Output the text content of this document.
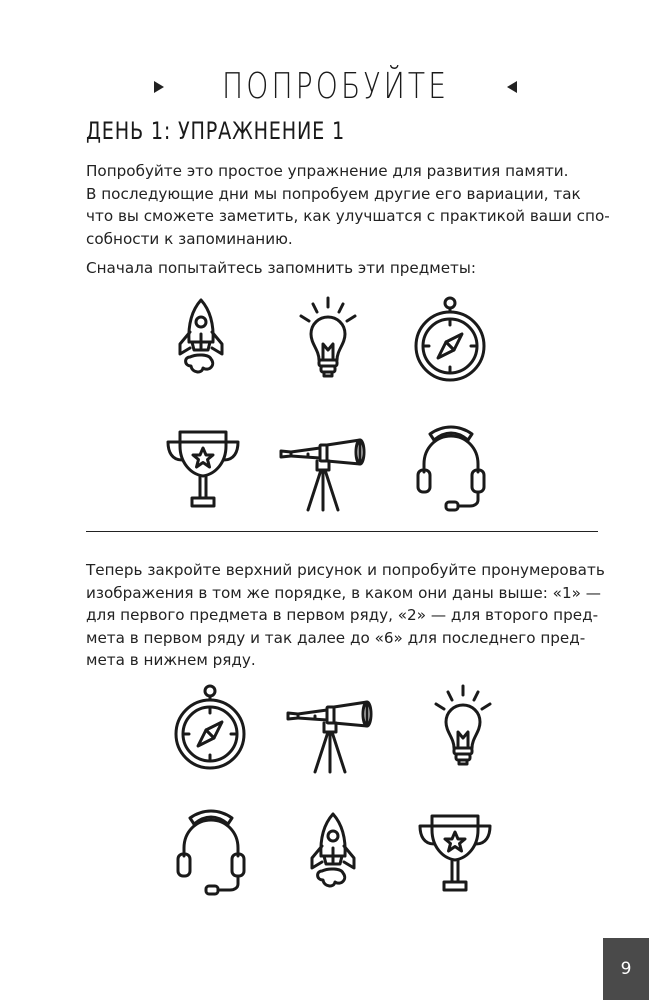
ПОПРОБУЙТЕ
ДЕНЬ 1: УПРАЖНЕНИЕ 1

Попробуйте это простое упражнение для развития памяти.
В последующие дни мы попробуем другие его вариации, так
что вы сможете заметить, как улучшатся с практикой ваши спо-
собности к запоминанию.

Сначала попытайтесь запомнить эти предметы:

Теперь закройте верхний рисунок и попробуйте пронумеровать
изображения в том же порядке, в каком они даны выше: «1» —
для первого предмета в первом ряду, «2» — для второго пред-
мета в первом ряду и так далее до «6» для последнего пред-
мета в нижнем ряду.

9
